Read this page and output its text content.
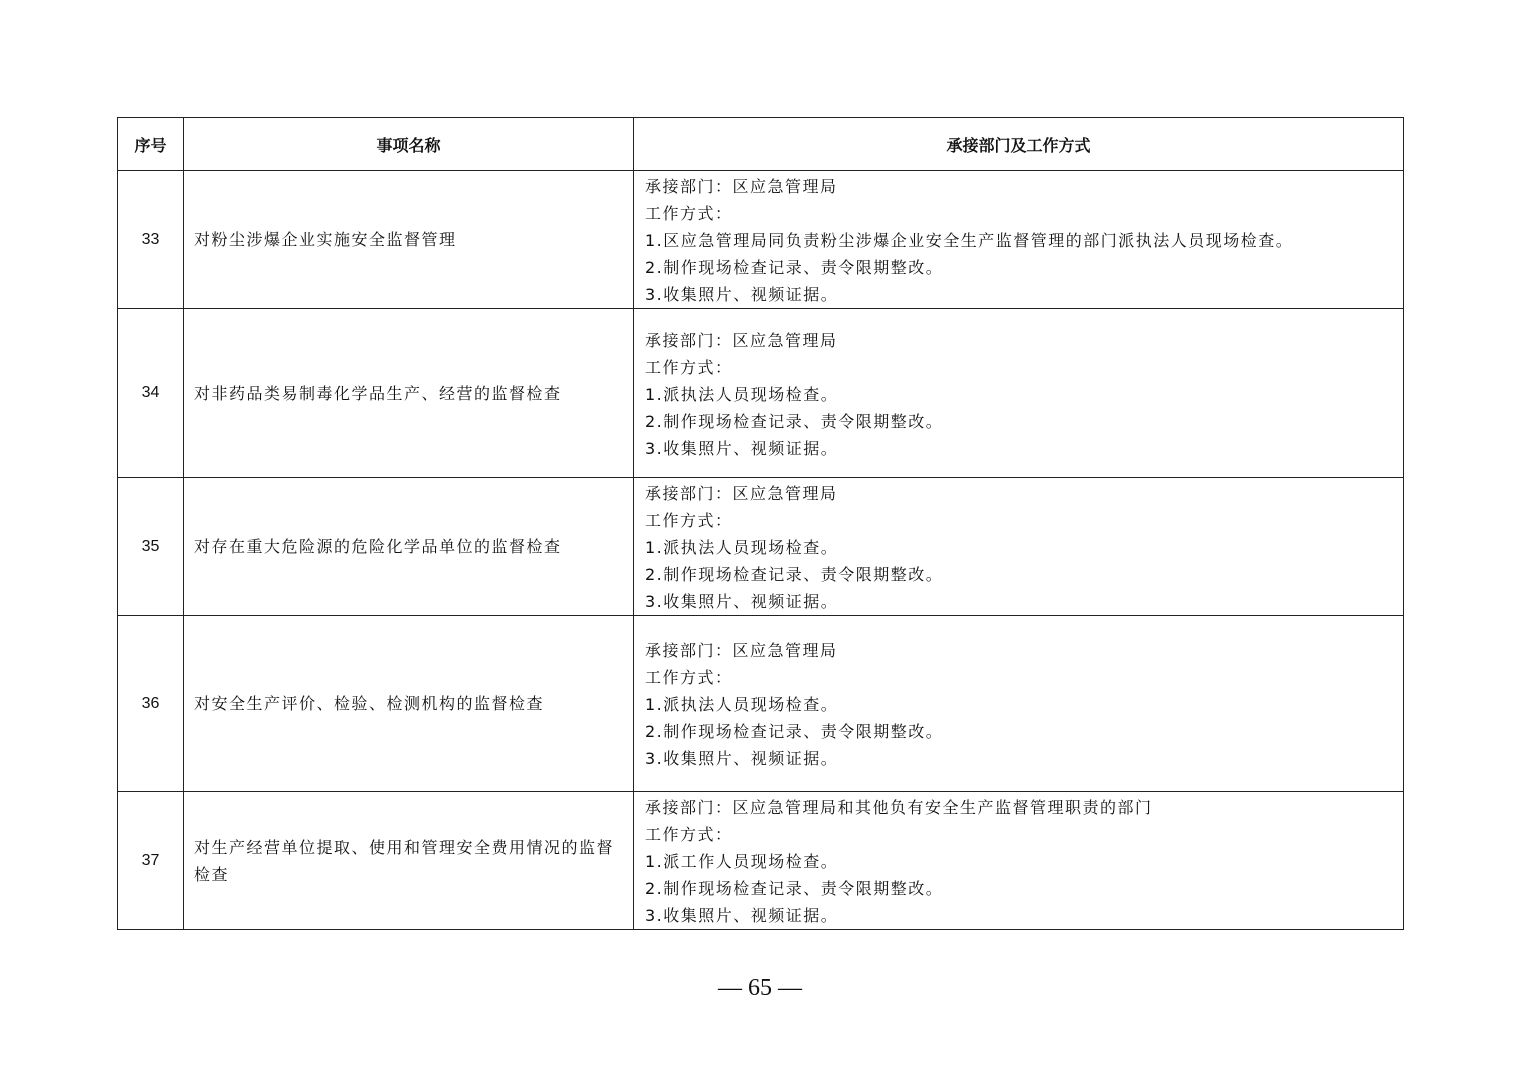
序号	事项名称	承接部门及工作方式
33	对粉尘涉爆企业实施安全监督管理	承接部门：区应急管理局
工作方式：
1.区应急管理局同负责粉尘涉爆企业安全生产监督管理的部门派执法人员现场检查。
2.制作现场检查记录、责令限期整改。
3.收集照片、视频证据。

34	对非药品类易制毒化学品生产、经营的监督检查	承接部门：区应急管理局
工作方式：
1.派执法人员现场检查。
2.制作现场检查记录、责令限期整改。
3.收集照片、视频证据。

35	对存在重大危险源的危险化学品单位的监督检查	承接部门：区应急管理局
工作方式：
1.派执法人员现场检查。
2.制作现场检查记录、责令限期整改。
3.收集照片、视频证据。

36	对安全生产评价、检验、检测机构的监督检查	承接部门：区应急管理局
工作方式：
1.派执法人员现场检查。
2.制作现场检查记录、责令限期整改。
3.收集照片、视频证据。

37	对生产经营单位提取、使用和管理安全费用情况的监督检查	承接部门：区应急管理局和其他负有安全生产监督管理职责的部门
工作方式：
1.派工作人员现场检查。
2.制作现场检查记录、责令限期整改。
3.收集照片、视频证据。
— 65 —
